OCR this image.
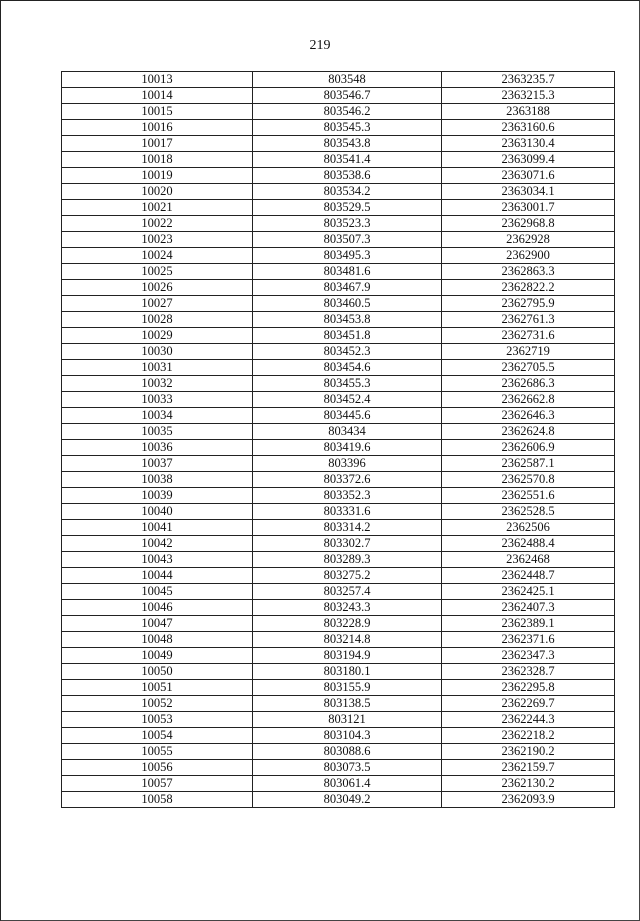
219
10013	803548	2363235.7
10014	803546.7	2363215.3
10015	803546.2	2363188
10016	803545.3	2363160.6
10017	803543.8	2363130.4
10018	803541.4	2363099.4
10019	803538.6	2363071.6
10020	803534.2	2363034.1
10021	803529.5	2363001.7
10022	803523.3	2362968.8
10023	803507.3	2362928
10024	803495.3	2362900
10025	803481.6	2362863.3
10026	803467.9	2362822.2
10027	803460.5	2362795.9
10028	803453.8	2362761.3
10029	803451.8	2362731.6
10030	803452.3	2362719
10031	803454.6	2362705.5
10032	803455.3	2362686.3
10033	803452.4	2362662.8
10034	803445.6	2362646.3
10035	803434	2362624.8
10036	803419.6	2362606.9
10037	803396	2362587.1
10038	803372.6	2362570.8
10039	803352.3	2362551.6
10040	803331.6	2362528.5
10041	803314.2	2362506
10042	803302.7	2362488.4
10043	803289.3	2362468
10044	803275.2	2362448.7
10045	803257.4	2362425.1
10046	803243.3	2362407.3
10047	803228.9	2362389.1
10048	803214.8	2362371.6
10049	803194.9	2362347.3
10050	803180.1	2362328.7
10051	803155.9	2362295.8
10052	803138.5	2362269.7
10053	803121	2362244.3
10054	803104.3	2362218.2
10055	803088.6	2362190.2
10056	803073.5	2362159.7
10057	803061.4	2362130.2
10058	803049.2	2362093.9
